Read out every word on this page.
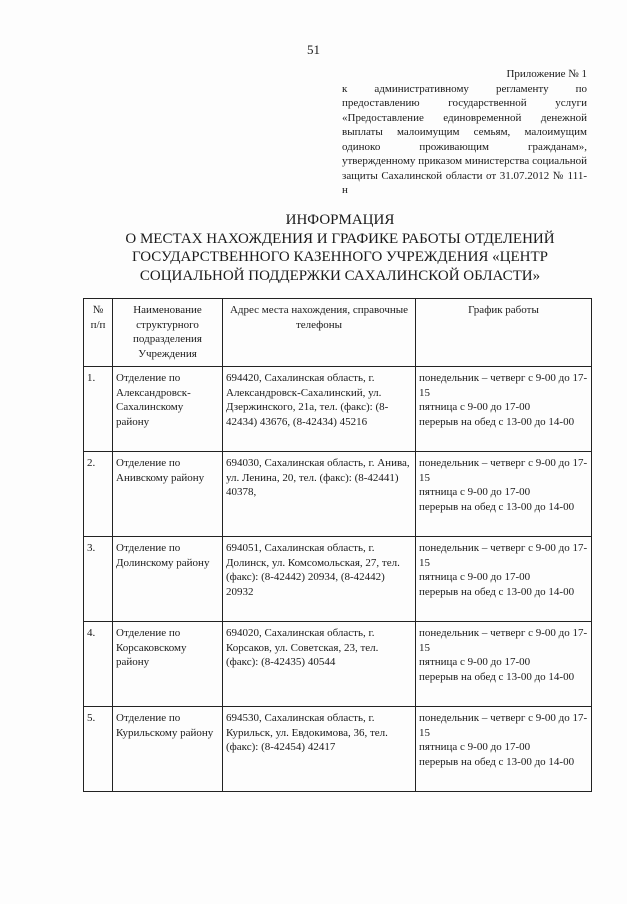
51
Приложение № 1
к административному регламенту по предоставлению государственной услуги «Предоставление единовременной денежной выплаты малоимущим семьям, малоимущим одиноко проживающим гражданам», утвержденному приказом министерства социальной защиты Сахалинской области от 31.07.2012 № 111-н
ИНФОРМАЦИЯ
О МЕСТАХ НАХОЖДЕНИЯ И ГРАФИКЕ РАБОТЫ ОТДЕЛЕНИЙ
ГОСУДАРСТВЕННОГО КАЗЕННОГО УЧРЕЖДЕНИЯ «ЦЕНТР
СОЦИАЛЬНОЙ ПОДДЕРЖКИ САХАЛИНСКОЙ ОБЛАСТИ»
№ п/п	Наименование структурного подразделения Учреждения	Адрес места нахождения, справочные телефоны	График работы
1.	Отделение по Александровск-Сахалинскому району	694420, Сахалинская область, г. Александровск-Сахалинский, ул. Дзержинского, 21а, тел. (факс): (8-42434) 43676, (8-42434) 45216	понедельник – четверг с 9-00 до 17-15
пятница с 9-00 до 17-00
перерыв на обед с 13-00 до 14-00
2.	Отделение по Анивскому району	694030, Сахалинская область, г. Анива, ул. Ленина, 20, тел. (факс): (8-42441) 40378,	понедельник – четверг с 9-00 до 17-15
пятница с 9-00 до 17-00
перерыв на обед с 13-00 до 14-00
3.	Отделение по Долинскому району	694051, Сахалинская область, г. Долинск, ул. Комсомольская, 27, тел. (факс): (8-42442) 20934, (8-42442) 20932	понедельник – четверг с 9-00 до 17-15
пятница с 9-00 до 17-00
перерыв на обед с 13-00 до 14-00
4.	Отделение по Корсаковскому району	694020, Сахалинская область, г. Корсаков, ул. Советская, 23, тел. (факс): (8-42435) 40544	понедельник – четверг с 9-00 до 17-15
пятница с 9-00 до 17-00
перерыв на обед с 13-00 до 14-00
5.	Отделение по Курильскому району	694530, Сахалинская область, г. Курильск, ул. Евдокимова, 36, тел. (факс): (8-42454) 42417	понедельник – четверг с 9-00 до 17-15
пятница с 9-00 до 17-00
перерыв на обед с 13-00 до 14-00
